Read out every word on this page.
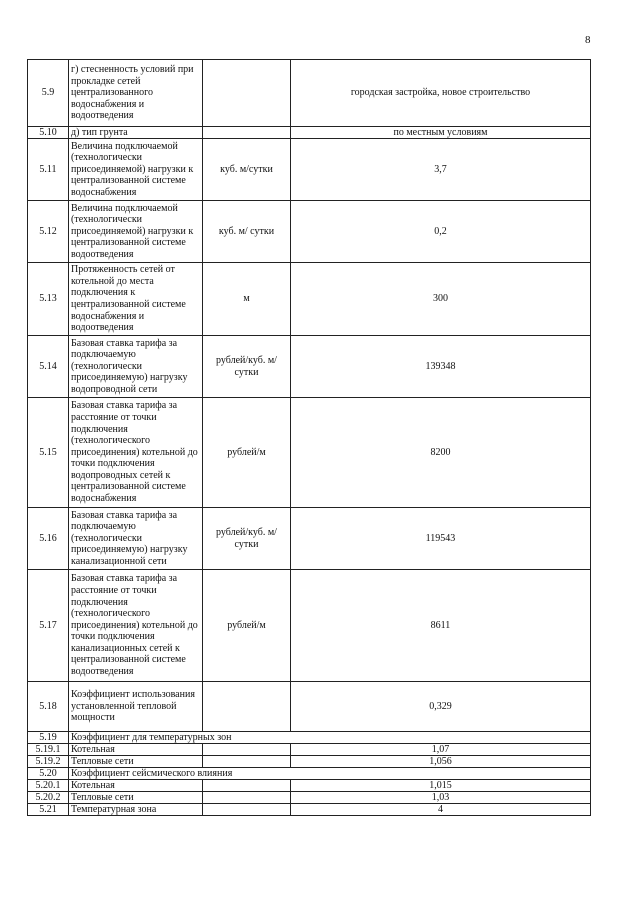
8
5.9	г) стесненность условий при прокладке сетей централизованного водоснабжения и водоотведения		городская застройка, новое строительство
5.10	д) тип грунта		по местным условиям
5.11	Величина подключаемой (технологически присоединяемой) нагрузки к централизованной системе водоснабжения	куб. м/сутки	3,7
5.12	Величина подключаемой (технологически присоединяемой) нагрузки к централизованной системе водоотведения	куб. м/ сутки	0,2
5.13	Протяженность сетей от котельной до места подключения к централизованной системе водоснабжения и водоотведения	м	300
5.14	Базовая ставка тарифа за подключаемую (технологически присоединяемую) нагрузку водопроводной сети	рублей/куб. м/сутки	139348
5.15	Базовая ставка тарифа за расстояние от точки подключения (технологического присоединения) котельной до точки подключения водопроводных сетей к централизованной системе водоснабжения	рублей/м	8200
5.16	Базовая ставка тарифа за подключаемую (технологически присоединяемую) нагрузку канализационной сети	рублей/куб. м/сутки	119543
5.17	Базовая ставка тарифа за расстояние от точки подключения (технологического присоединения) котельной до точки подключения канализационных сетей к централизованной системе водоотведения	рублей/м	8611
5.18	Коэффициент использования установленной тепловой мощности		0,329
5.19	Коэффициент для температурных зон		
5.19.1	Котельная		1,07
5.19.2	Тепловые сети		1,056
5.20	Коэффициент сейсмического влияния		
5.20.1	Котельная		1,015
5.20.2	Тепловые сети		1,03
5.21	Температурная зона		4
